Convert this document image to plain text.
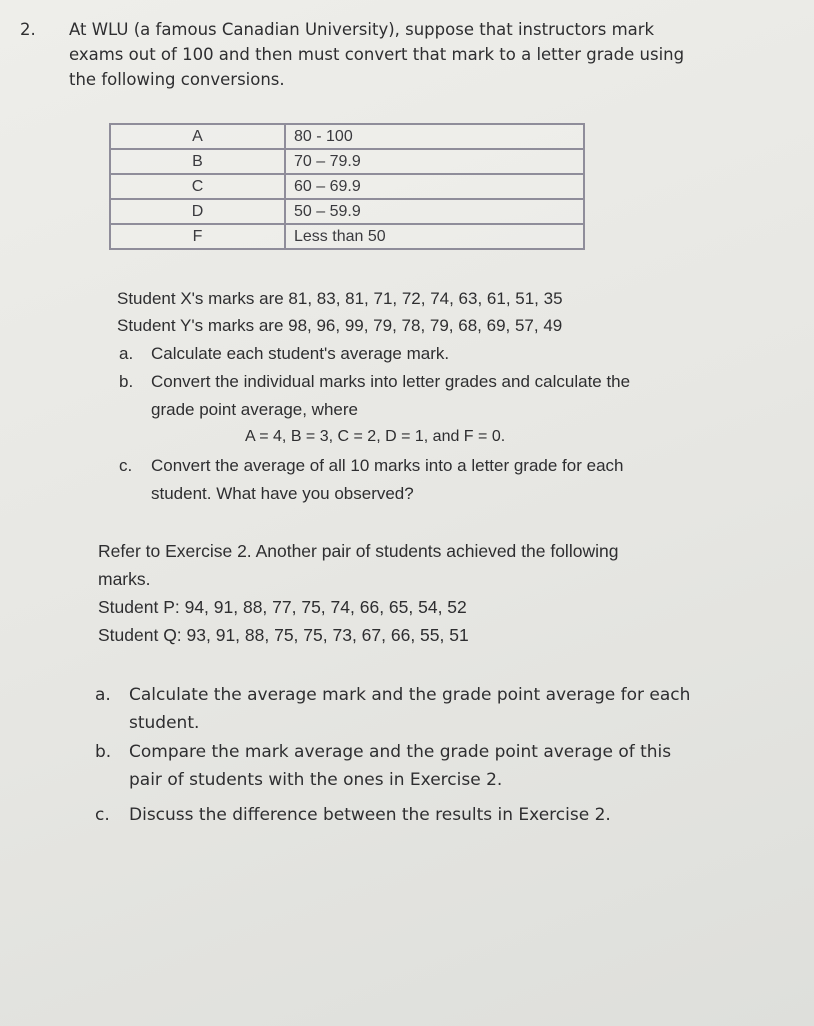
2. At WLU (a famous Canadian University), suppose that instructors mark
exams out of 100 and then must convert that mark to a letter grade using
the following conversions.
A	80 - 100
B	70 – 79.9
C	60 – 69.9
D	50 – 59.9
F	Less than 50
Student X's marks are 81, 83, 81, 71, 72, 74, 63, 61, 51, 35
Student Y's marks are 98, 96, 99, 79, 78, 79, 68, 69, 57, 49
a. Calculate each student's average mark.
b. Convert the individual marks into letter grades and calculate the
grade point average, where
A = 4, B = 3, C = 2, D = 1, and F = 0.
c. Convert the average of all 10 marks into a letter grade for each
student. What have you observed?
Refer to Exercise 2. Another pair of students achieved the following
marks.
Student P: 94, 91, 88, 77, 75, 74, 66, 65, 54, 52
Student Q: 93, 91, 88, 75, 75, 73, 67, 66, 55, 51
a. Calculate the average mark and the grade point average for each
student.
b. Compare the mark average and the grade point average of this
pair of students with the ones in Exercise 2.
c. Discuss the difference between the results in Exercise 2.
